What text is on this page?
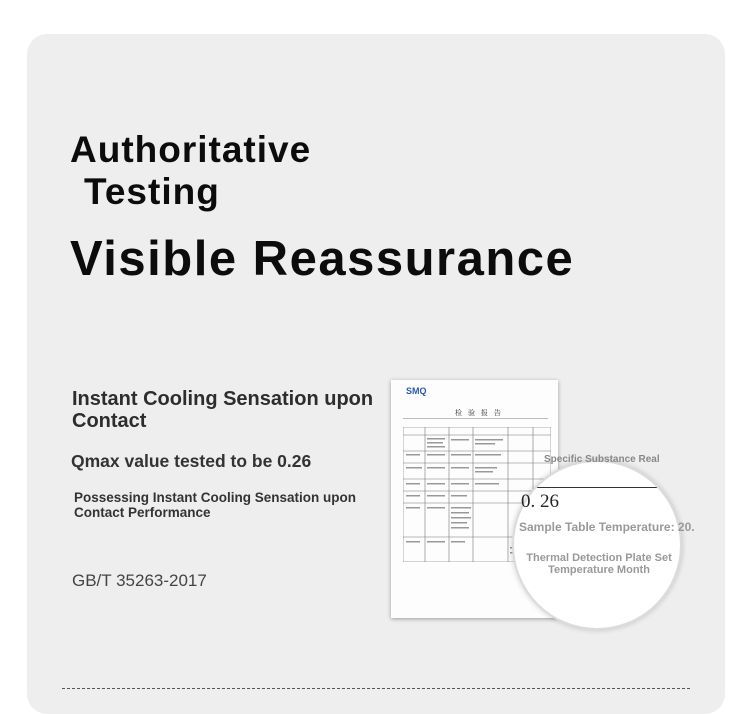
Authoritative
Testing
Visible Reassurance

Instant Cooling Sensation upon Contact

Qmax value tested to be 0.26

Possessing Instant Cooling Sensation upon Contact Performance

GB/T 35263-2017

SMQ
检 验 报 告
Specific Substance Real
0. 26
Sample Table Temperature: 20.
Thermal Detection Plate Set Temperature Month
